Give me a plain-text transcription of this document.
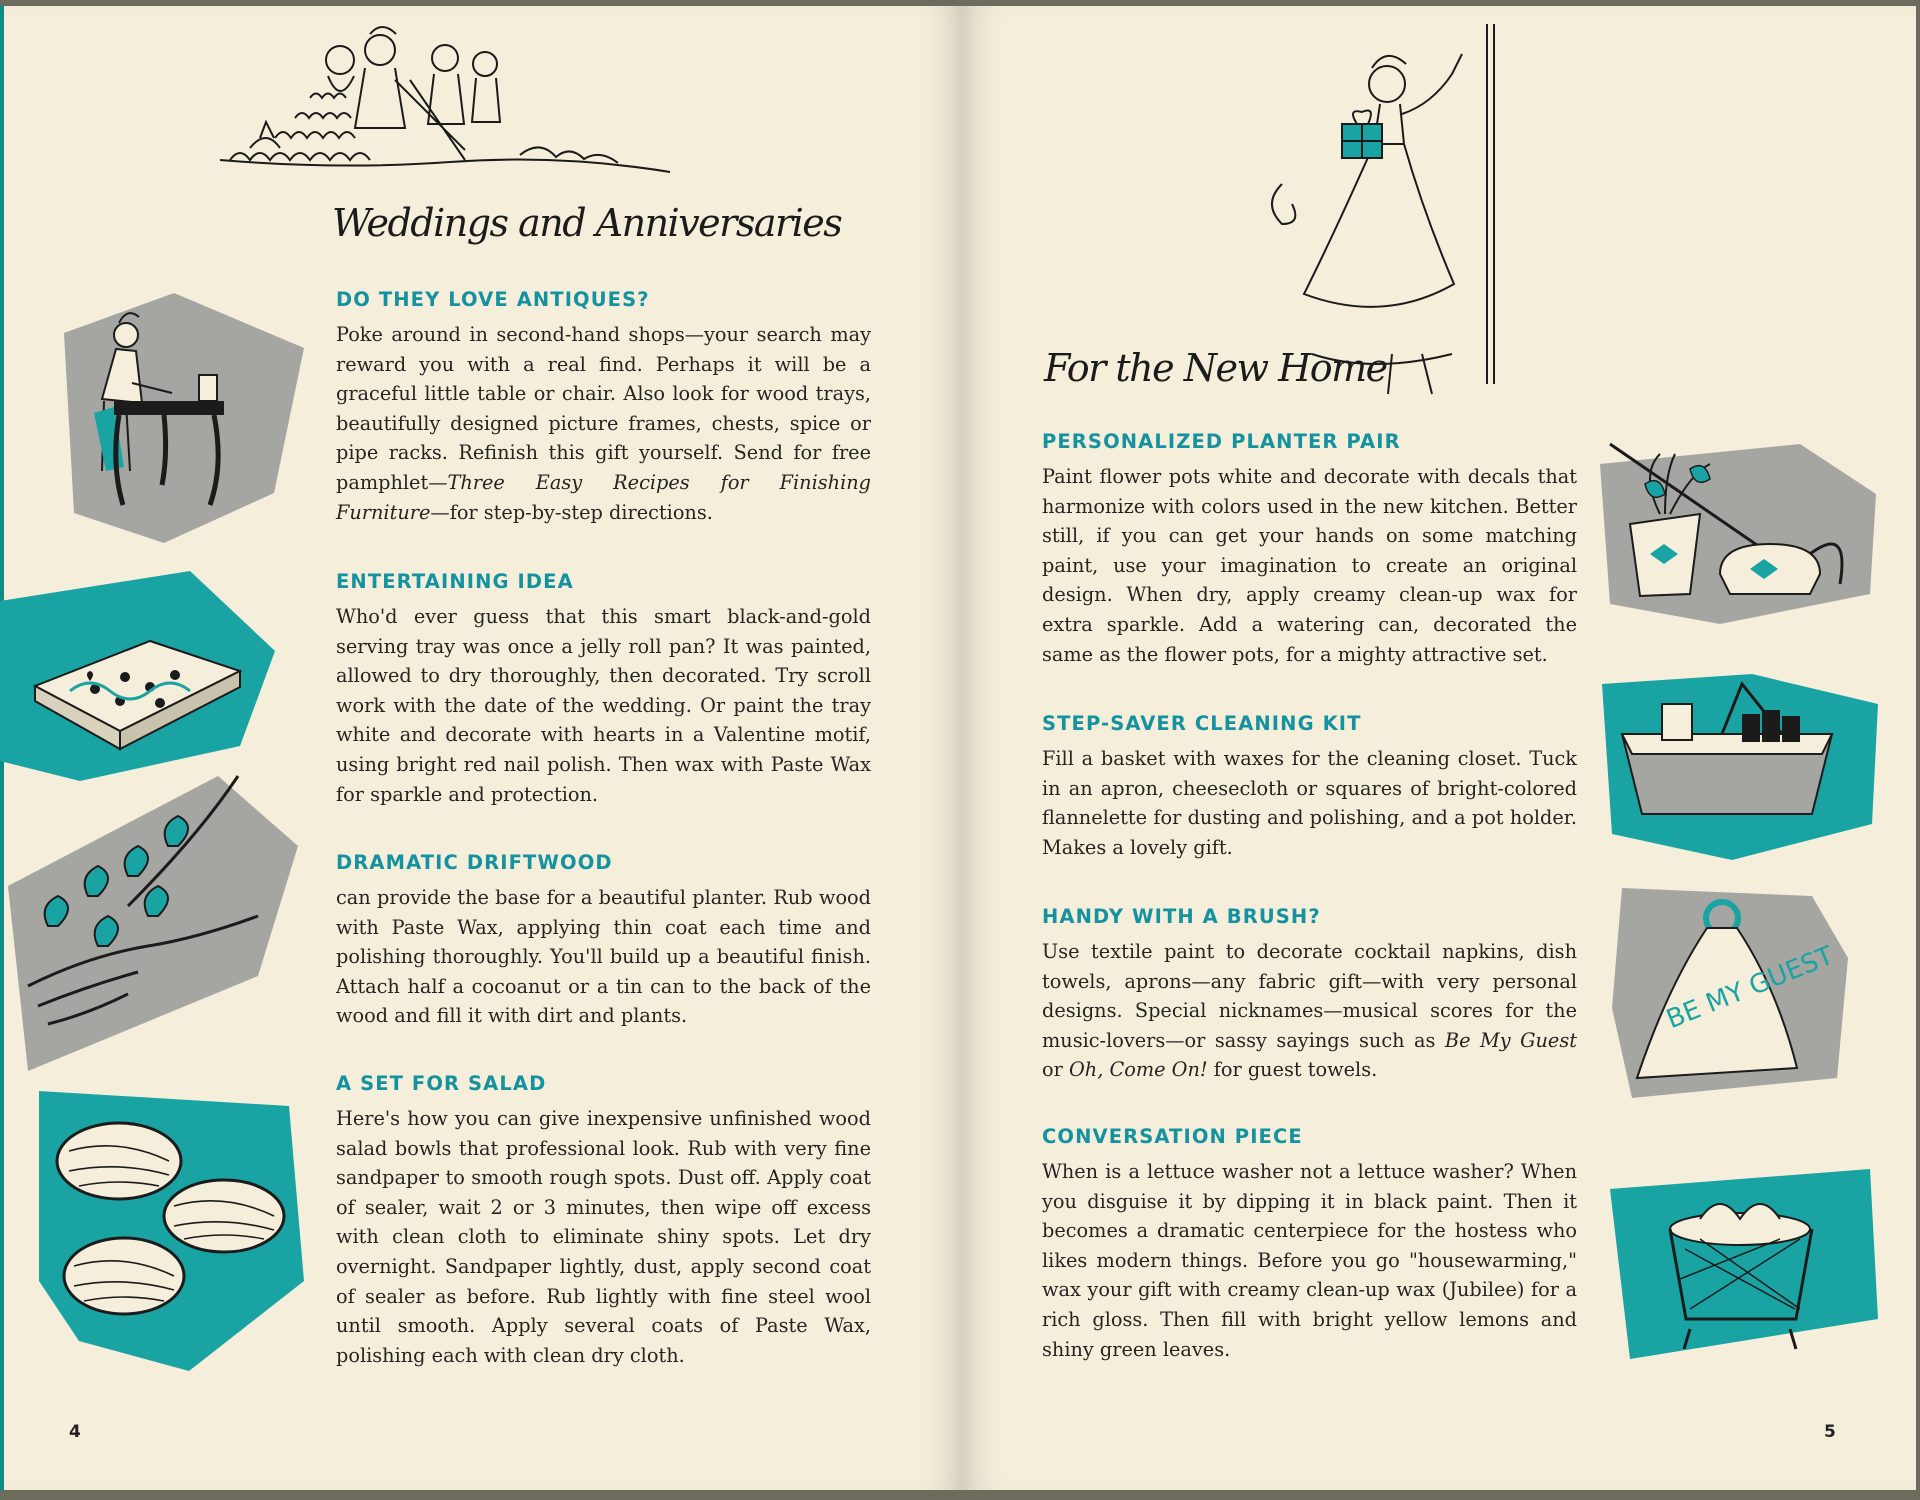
Weddings and Anniversaries
DO THEY LOVE ANTIQUES?

Poke around in second-hand shops—your search may reward you with a real find. Perhaps it will be a graceful little table or chair. Also look for wood trays, beautifully designed picture frames, chests, spice or pipe racks. Refinish this gift yourself. Send for free pamphlet—Three Easy Recipes for Finishing Furniture—for step-by-step directions.

ENTERTAINING IDEA

Who'd ever guess that this smart black-and-gold serving tray was once a jelly roll pan? It was painted, allowed to dry thoroughly, then decorated. Try scroll work with the date of the wedding. Or paint the tray white and decorate with hearts in a Valentine motif, using bright red nail polish. Then wax with Paste Wax for sparkle and protection.

DRAMATIC DRIFTWOOD

can provide the base for a beautiful planter. Rub wood with Paste Wax, applying thin coat each time and polishing thoroughly. You'll build up a beautiful finish. Attach half a cocoanut or a tin can to the back of the wood and fill it with dirt and plants.

A SET FOR SALAD

Here's how you can give inexpensive unfinished wood salad bowls that professional look. Rub with very fine sandpaper to smooth rough spots. Dust off. Apply coat of sealer, wait 2 or 3 minutes, then wipe off excess with clean cloth to eliminate shiny spots. Let dry overnight. Sandpaper lightly, dust, apply second coat of sealer as before. Rub lightly with fine steel wool until smooth. Apply several coats of Paste Wax, polishing each with clean dry cloth.

4
For the New Home
PERSONALIZED PLANTER PAIR

Paint flower pots white and decorate with decals that harmonize with colors used in the new kitchen. Better still, if you can get your hands on some matching paint, use your imagination to create an original design. When dry, apply creamy clean-up wax for extra sparkle. Add a watering can, decorated the same as the flower pots, for a mighty attractive set.

STEP-SAVER CLEANING KIT

Fill a basket with waxes for the cleaning closet. Tuck in an apron, cheesecloth or squares of bright-colored flannelette for dusting and polishing, and a pot holder. Makes a lovely gift.

HANDY WITH A BRUSH?

Use textile paint to decorate cocktail napkins, dish towels, aprons—any fabric gift—with very personal designs. Special nicknames—musical scores for the music-lovers—or sassy sayings such as Be My Guest or Oh, Come On! for guest towels.

CONVERSATION PIECE

When is a lettuce washer not a lettuce washer? When you disguise it by dipping it in black paint. Then it becomes a dramatic centerpiece for the hostess who likes modern things. Before you go "housewarming," wax your gift with creamy clean-up wax (Jubilee) for a rich gloss. Then fill with bright yellow lemons and shiny green leaves.

BE MY GUEST
5
